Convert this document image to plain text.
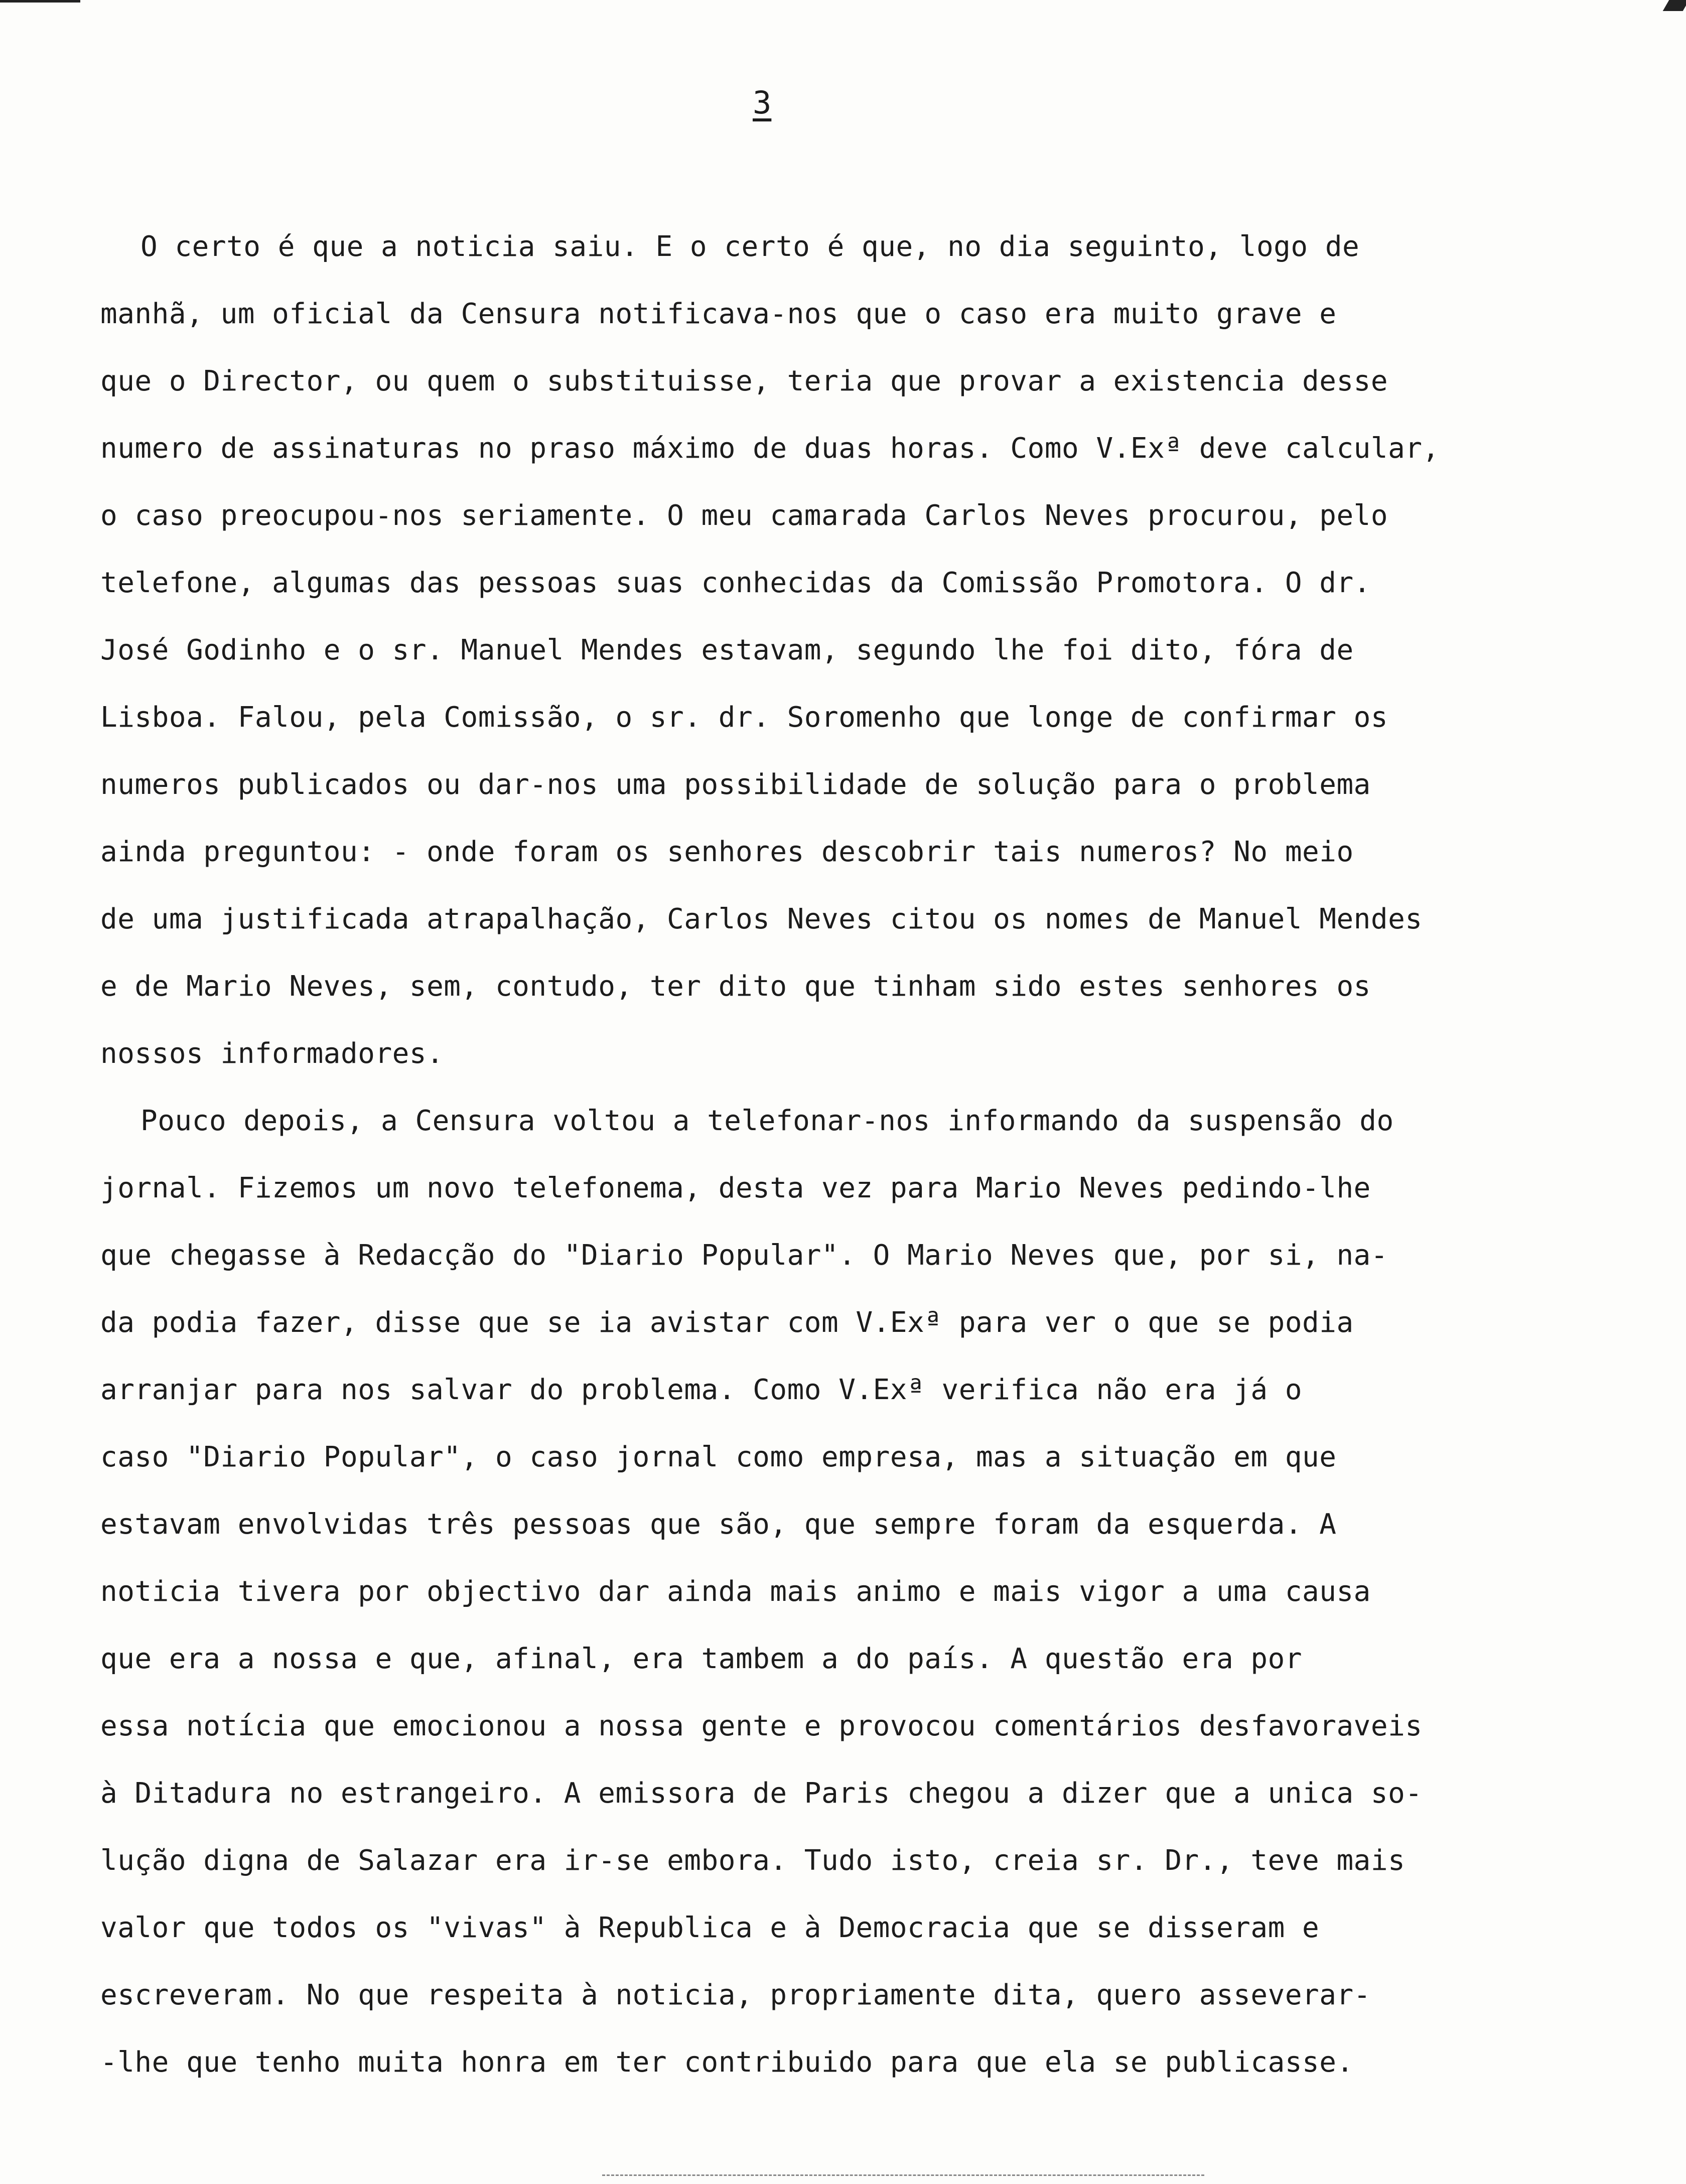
3
O certo é que a noticia saiu. E o certo é que, no dia seguinto, logo de
manhã, um oficial da Censura notificava-nos que o caso era muito grave e
que o Director, ou quem o substituisse, teria que provar a existencia desse
numero de assinaturas no praso máximo de duas horas. Como V.Exª deve calcular,
o caso preocupou-nos seriamente. O meu camarada Carlos Neves procurou, pelo
telefone, algumas das pessoas suas conhecidas da Comissão Promotora. O dr.
José Godinho e o sr. Manuel Mendes estavam, segundo lhe foi dito, fóra de
Lisboa. Falou, pela Comissão, o sr. dr. Soromenho que longe de confirmar os
numeros publicados ou dar-nos uma possibilidade de solução para o problema
ainda preguntou: - onde foram os senhores descobrir tais numeros? No meio
de uma justificada atrapalhação, Carlos Neves citou os nomes de Manuel Mendes
e de Mario Neves, sem, contudo, ter dito que tinham sido estes senhores os
nossos informadores.
Pouco depois, a Censura voltou a telefonar-nos informando da suspensão do
jornal. Fizemos um novo telefonema, desta vez para Mario Neves pedindo-lhe
que chegasse à Redacção do "Diario Popular". O Mario Neves que, por si, na-
da podia fazer, disse que se ia avistar com V.Exª para ver o que se podia
arranjar para nos salvar do problema. Como V.Exª verifica não era já o
caso "Diario Popular", o caso jornal como empresa, mas a situação em que
estavam envolvidas três pessoas que são, que sempre foram da esquerda. A
noticia tivera por objectivo dar ainda mais animo e mais vigor a uma causa
que era a nossa e que, afinal, era tambem a do país. A questão era por
essa notícia que emocionou a nossa gente e provocou comentários desfavoraveis
à Ditadura no estrangeiro. A emissora de Paris chegou a dizer que a unica so-
lução digna de Salazar era ir-se embora. Tudo isto, creia sr. Dr., teve mais
valor que todos os "vivas" à Republica e à Democracia que se disseram e
escreveram. No que respeita à noticia, propriamente dita, quero asseverar-
-lhe que tenho muita honra em ter contribuido para que ela se publicasse.
